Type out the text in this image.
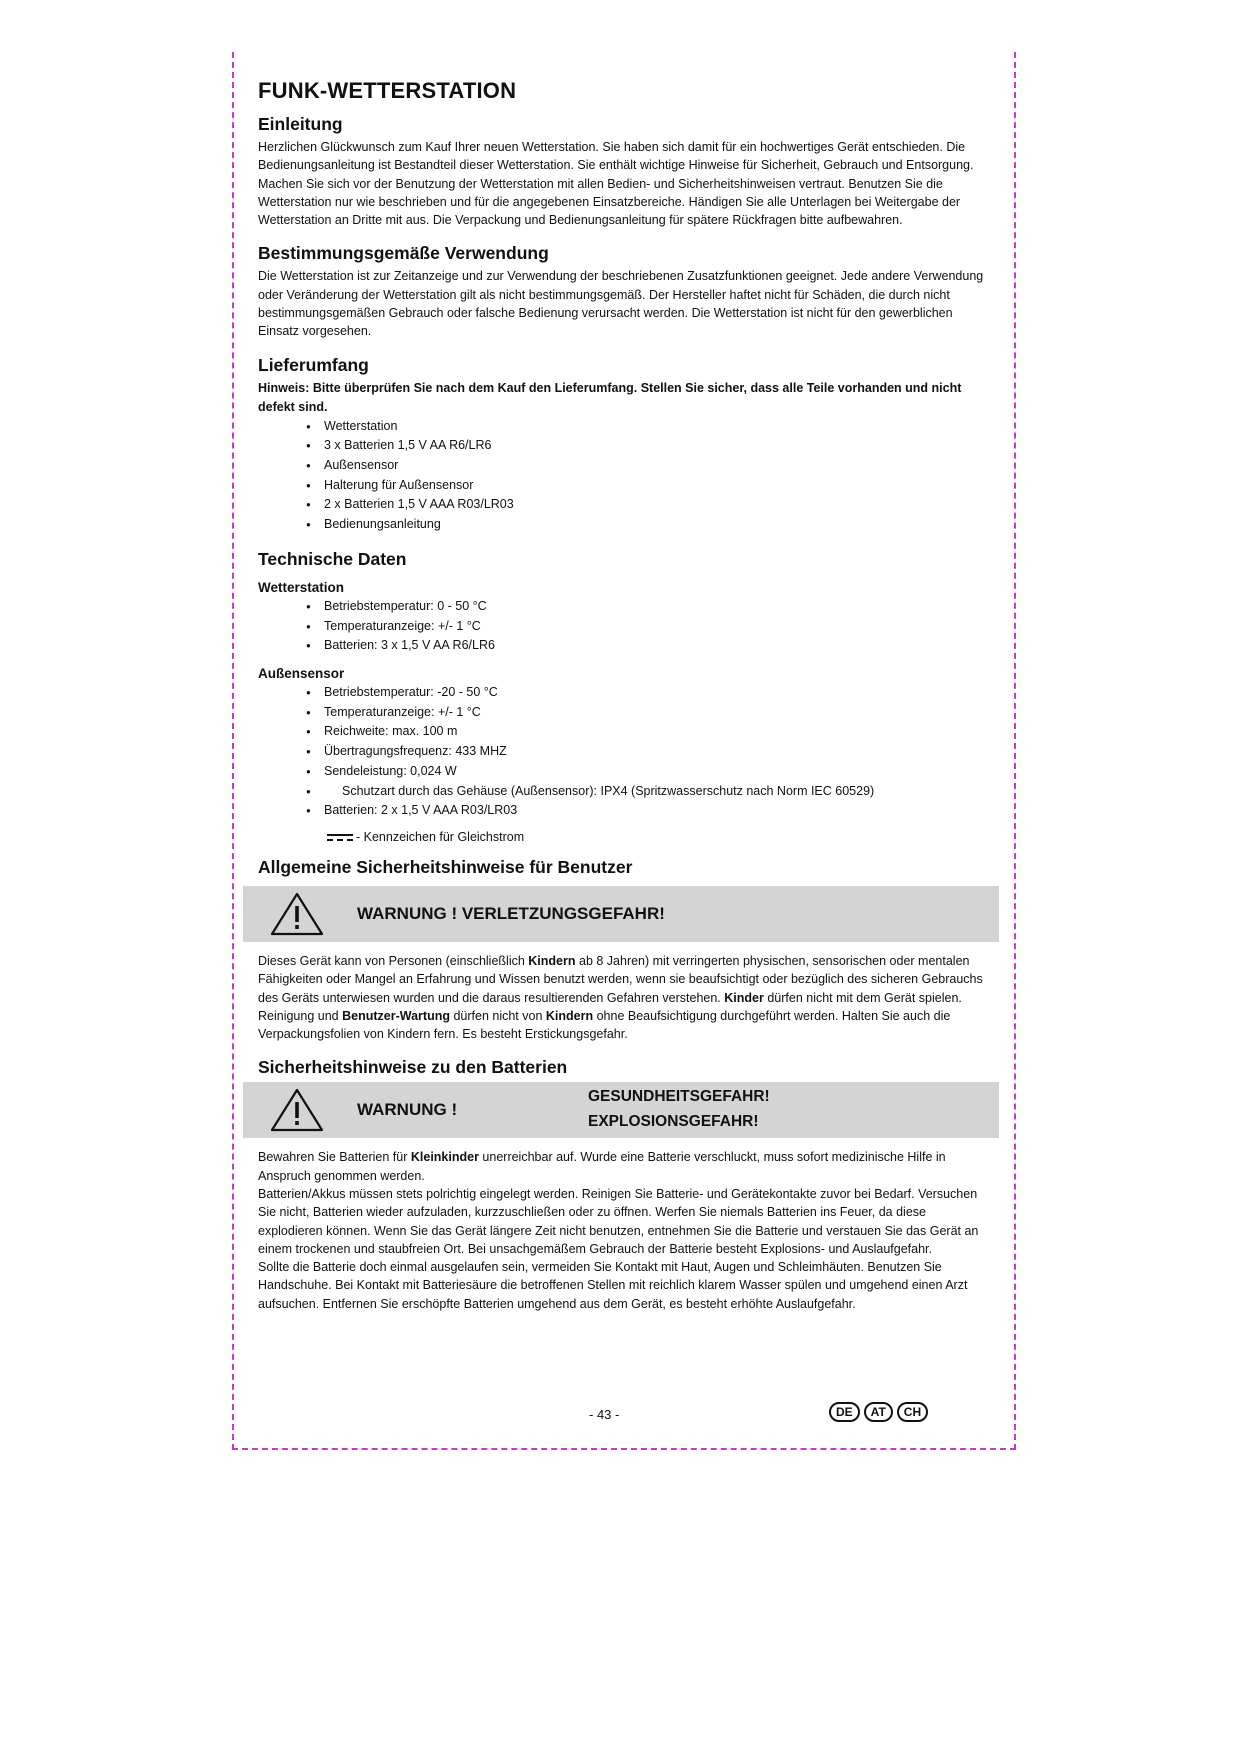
FUNK-WETTERSTATION
Einleitung

Herzlichen Glückwunsch zum Kauf Ihrer neuen Wetterstation. Sie haben sich damit für ein hochwertiges Gerät entschieden. Die Bedienungsanleitung ist Bestandteil dieser Wetterstation. Sie enthält wichtige Hinweise für Sicherheit, Gebrauch und Entsorgung. Machen Sie sich vor der Benutzung der Wetterstation mit allen Bedien- und Sicherheitshinweisen vertraut. Benutzen Sie die Wetterstation nur wie beschrieben und für die angegebenen Einsatzbereiche. Händigen Sie alle Unterlagen bei Weitergabe der Wetterstation an Dritte mit aus. Die Verpackung und Bedienungsanleitung für spätere Rückfragen bitte aufbewahren.

Bestimmungsgemäße Verwendung

Die Wetterstation ist zur Zeitanzeige und zur Verwendung der beschriebenen Zusatzfunktionen geeignet. Jede andere Verwendung oder Veränderung der Wetterstation gilt als nicht bestimmungsgemäß. Der Hersteller haftet nicht für Schäden, die durch nicht bestimmungsgemäßen Gebrauch oder falsche Bedienung verursacht werden. Die Wetterstation ist nicht für den gewerblichen Einsatz vorgesehen.

Lieferumfang

Hinweis: Bitte überprüfen Sie nach dem Kauf den Lieferumfang. Stellen Sie sicher, dass alle Teile vorhanden und nicht defekt sind.

● Wetterstation
● 3 x Batterien 1,5 V AA R6/LR6
● Außensensor
● Halterung für Außensensor
● 2 x Batterien 1,5 V AAA R03/LR03
● Bedienungsanleitung
Technische Daten
Wetterstation
● Betriebstemperatur: 0 - 50 °C
● Temperaturanzeige: +/- 1 °C
● Batterien: 3 x 1,5 V AA R6/LR6
Außensensor
● Betriebstemperatur: -20 - 50 °C
● Temperaturanzeige: +/- 1 °C
● Reichweite: max. 100 m
● Übertragungsfrequenz: 433 MHZ
● Sendeleistung: 0,024 W
● Schutzart durch das Gehäuse (Außensensor): IPX4 (Spritzwasserschutz nach Norm IEC 60529)
● Batterien: 2 x 1,5 V AAA R03/LR03
- Kennzeichen für Gleichstrom
Allgemeine Sicherheitshinweise für Benutzer
WARNUNG ! VERLETZUNGSGEFAHR!

Dieses Gerät kann von Personen (einschließlich Kindern ab 8 Jahren) mit verringerten physischen, sensorischen oder mentalen Fähigkeiten oder Mangel an Erfahrung und Wissen benutzt werden, wenn sie beaufsichtigt oder bezüglich des sicheren Gebrauchs des Geräts unterwiesen wurden und die daraus resultierenden Gefahren verstehen. Kinder dürfen nicht mit dem Gerät spielen. Reinigung und Benutzer-Wartung dürfen nicht von Kindern ohne Beaufsichtigung durchgeführt werden. Halten Sie auch die Verpackungsfolien von Kindern fern. Es besteht Erstickungsgefahr.

Sicherheitshinweise zu den Batterien
WARNUNG !
GESUNDHEITSGEFAHR!
EXPLOSIONSGEFAHR!

Bewahren Sie Batterien für Kleinkinder unerreichbar auf. Wurde eine Batterie verschluckt, muss sofort medizinische Hilfe in Anspruch genommen werden.

Batterien/Akkus müssen stets polrichtig eingelegt werden. Reinigen Sie Batterie- und Gerätekontakte zuvor bei Bedarf. Versuchen Sie nicht, Batterien wieder aufzuladen, kurzzuschließen oder zu öffnen. Werfen Sie niemals Batterien ins Feuer, da diese explodieren können. Wenn Sie das Gerät längere Zeit nicht benutzen, entnehmen Sie die Batterie und verstauen Sie das Gerät an einem trockenen und staubfreien Ort. Bei unsachgemäßem Gebrauch der Batterie besteht Explosions- und Auslaufgefahr.

Sollte die Batterie doch einmal ausgelaufen sein, vermeiden Sie Kontakt mit Haut, Augen und Schleimhäuten. Benutzen Sie Handschuhe. Bei Kontakt mit Batteriesäure die betroffenen Stellen mit reichlich klarem Wasser spülen und umgehend einen Arzt aufsuchen. Entfernen Sie erschöpfte Batterien umgehend aus dem Gerät, es besteht erhöhte Auslaufgefahr.

- 43 -	DE	AT	CH
